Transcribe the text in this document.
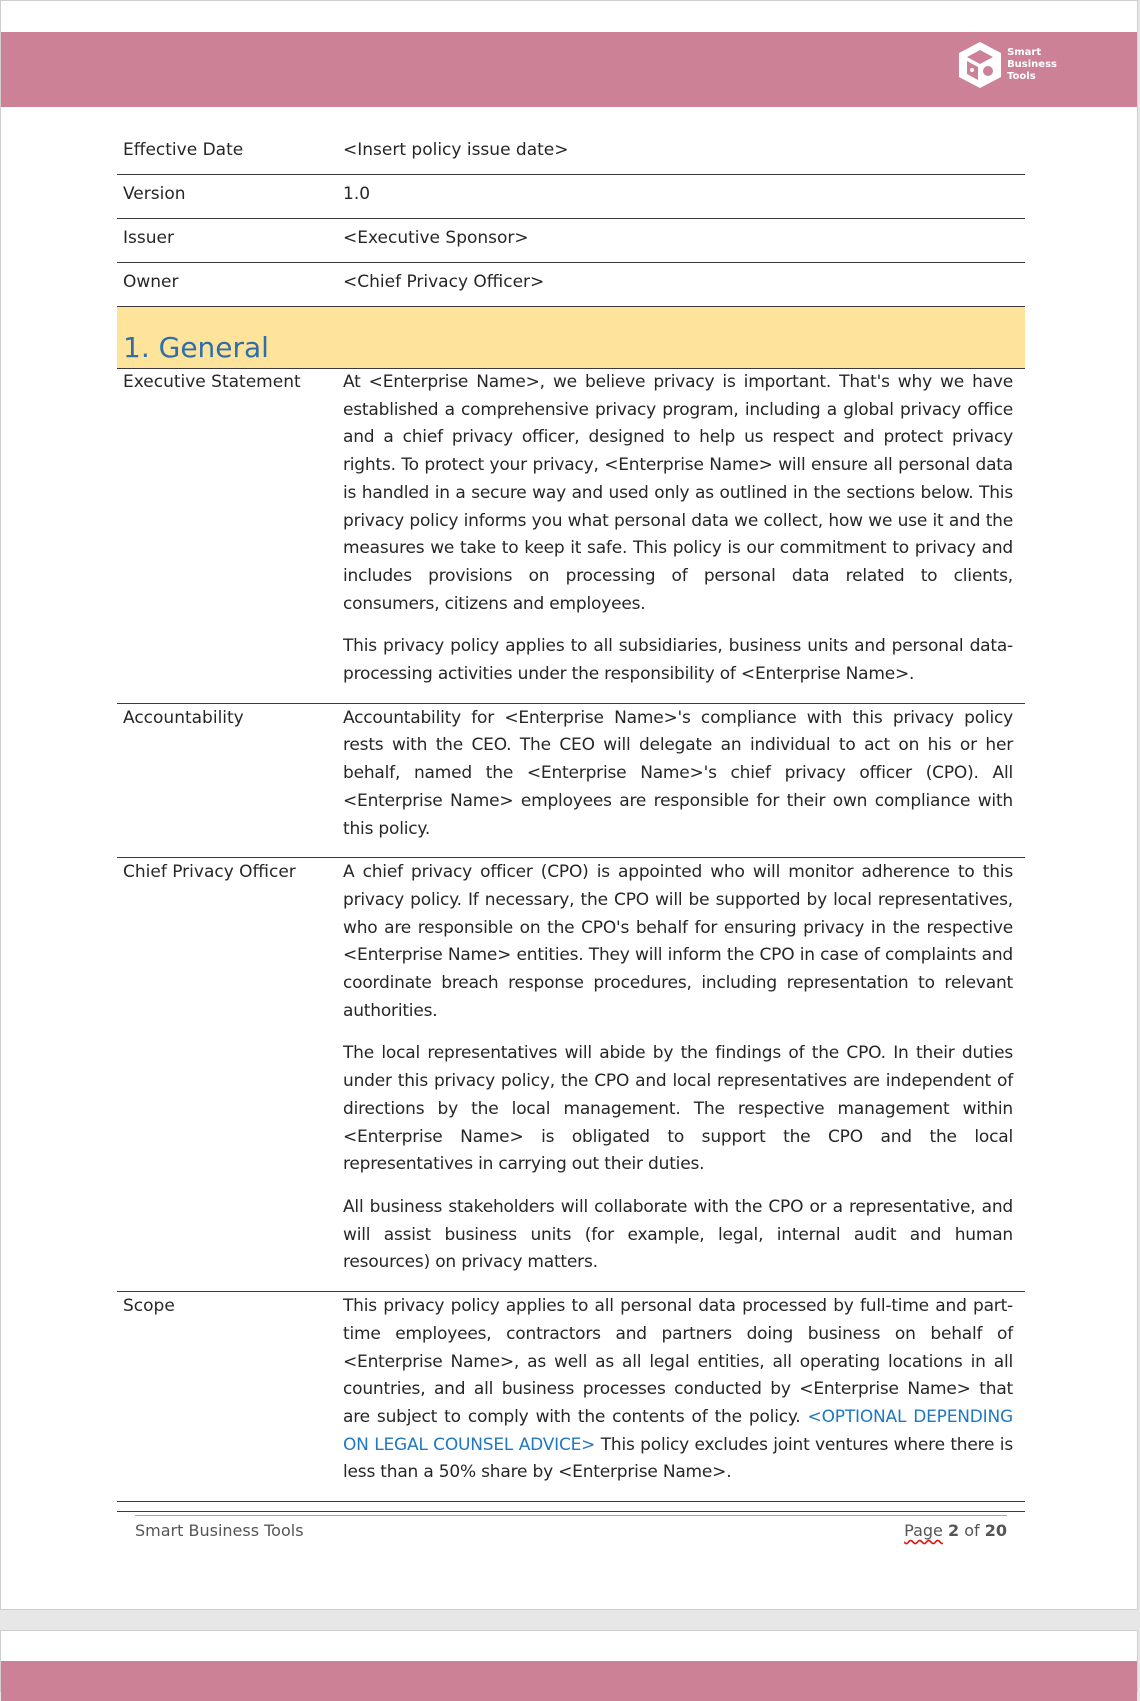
Smart
Business
Tools
Effective Date	<Insert policy issue date>
Version	1.0
Issuer	<Executive Sponsor>
Owner	<Chief Privacy Officer>
1. General
Executive Statement	At <Enterprise Name>, we believe privacy is important. That's why we have established a comprehensive privacy program, including a global privacy office and a chief privacy officer, designed to help us respect and protect privacy rights. To protect your privacy, <Enterprise Name> will ensure all personal data is handled in a secure way and used only as outlined in the sections below. This privacy policy informs you what personal data we collect, how we use it and the measures we take to keep it safe. This policy is our commitment to privacy and includes provisions on processing of personal data related to clients, consumers, citizens and employees.

This privacy policy applies to all subsidiaries, business units and personal data-processing activities under the responsibility of <Enterprise Name>.

Accountability	Accountability for <Enterprise Name>'s compliance with this privacy policy rests with the CEO. The CEO will delegate an individual to act on his or her behalf, named the <Enterprise Name>'s chief privacy officer (CPO). All <Enterprise Name> employees are responsible for their own compliance with this policy.

Chief Privacy Officer	A chief privacy officer (CPO) is appointed who will monitor adherence to this privacy policy. If necessary, the CPO will be supported by local representatives, who are responsible on the CPO's behalf for ensuring privacy in the respective <Enterprise Name> entities. They will inform the CPO in case of complaints and coordinate breach response procedures, including representation to relevant authorities.

The local representatives will abide by the findings of the CPO. In their duties under this privacy policy, the CPO and local representatives are independent of directions by the local management. The respective management within <Enterprise Name> is obligated to support the CPO and the local representatives in carrying out their duties.

All business stakeholders will collaborate with the CPO or a representative, and will assist business units (for example, legal, internal audit and human resources) on privacy matters.

Scope	This privacy policy applies to all personal data processed by full-time and part-time employees, contractors and partners doing business on behalf of <Enterprise Name>, as well as all legal entities, all operating locations in all countries, and all business processes conducted by <Enterprise Name> that are subject to comply with the contents of the policy. <OPTIONAL DEPENDING ON LEGAL COUNSEL ADVICE> This policy excludes joint ventures where there is less than a 50% share by <Enterprise Name>.

Smart Business Tools	Page 2 of 20
